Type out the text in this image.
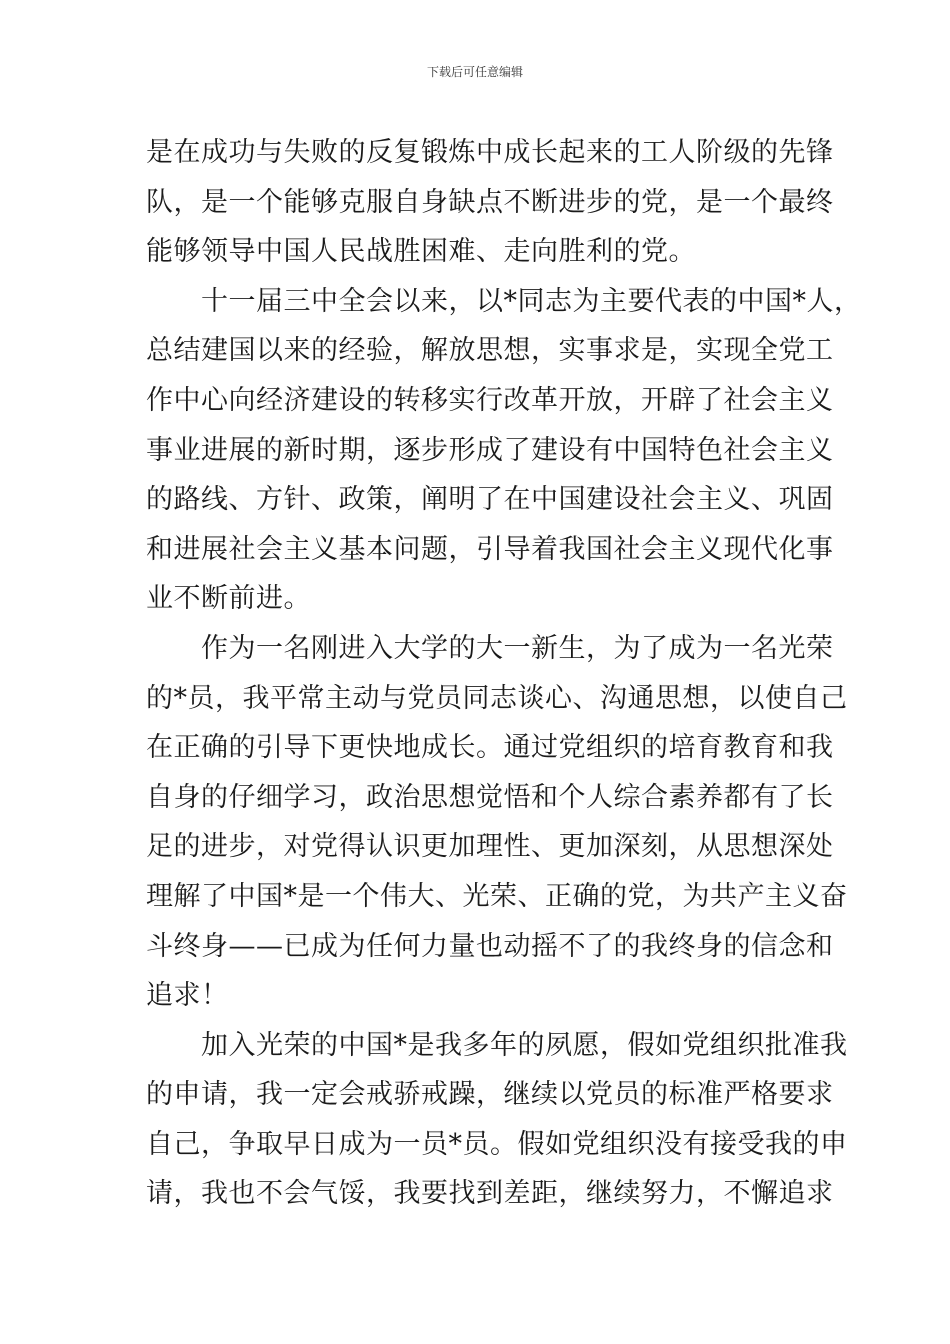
下载后可任意编辑
是在成功与失败的反复锻炼中成长起来的工人阶级的先锋
队，是一个能够克服自身缺点不断进步的党，是一个最终
能够领导中国人民战胜困难、走向胜利的党。
　　十一届三中全会以来，以*同志为主要代表的中国*人，
总结建国以来的经验，解放思想，实事求是，实现全党工
作中心向经济建设的转移实行改革开放，开辟了社会主义
事业进展的新时期，逐步形成了建设有中国特色社会主义
的路线、方针、政策，阐明了在中国建设社会主义、巩固
和进展社会主义基本问题，引导着我国社会主义现代化事
业不断前进。
　　作为一名刚进入大学的大一新生，为了成为一名光荣
的*员，我平常主动与党员同志谈心、沟通思想，以使自己
在正确的引导下更快地成长。通过党组织的培育教育和我
自身的仔细学习，政治思想觉悟和个人综合素养都有了长
足的进步，对党得认识更加理性、更加深刻，从思想深处
理解了中国*是一个伟大、光荣、正确的党，为共产主义奋
斗终身——已成为任何力量也动摇不了的我终身的信念和
追求！
　　加入光荣的中国*是我多年的夙愿，假如党组织批准我
的申请，我一定会戒骄戒躁，继续以党员的标准严格要求
自己，争取早日成为一员*员。假如党组织没有接受我的申
请，我也不会气馁，我要找到差距，继续努力，不懈追求
